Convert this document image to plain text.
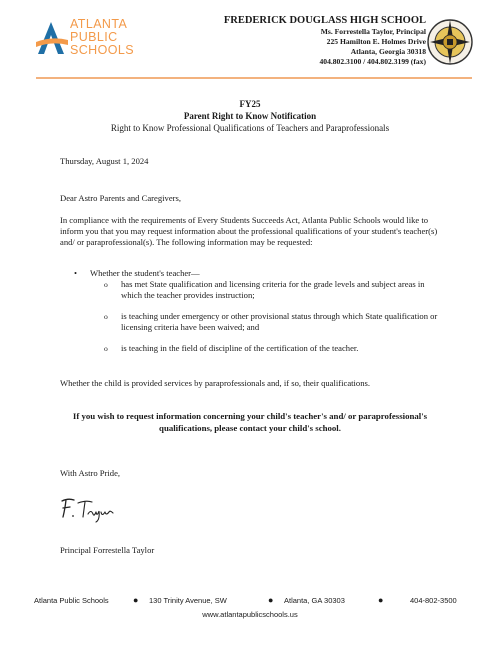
ATLANTA
PUBLIC
SCHOOLS
FREDERICK DOUGLASS HIGH SCHOOL
Ms. Forrestella Taylor, Principal
225 Hamilton E. Holmes Drive
Atlanta, Georgia 30318
404.802.3100 / 404.802.3199 (fax)
FY25
Parent Right to Know Notification
Right to Know Professional Qualifications of Teachers and Paraprofessionals
Thursday, August 1, 2024
Dear Astro Parents and Caregivers,
In compliance with the requirements of Every Students Succeeds Act, Atlanta Public Schools would like to inform you that you may request information about the professional qualifications of your student's teacher(s) and/ or paraprofessional(s). The following information may be requested:
• Whether the student's teacher—
o has met State qualification and licensing criteria for the grade levels and subject areas in which the teacher provides instruction;
o is teaching under emergency or other provisional status through which State qualification or licensing criteria have been waived; and
o is teaching in the field of discipline of the certification of the teacher.
Whether the child is provided services by paraprofessionals and, if so, their qualifications.
If you wish to request information concerning your child's teacher's and/ or paraprofessional's qualifications, please contact your child's school.
With Astro Pride,
Principal Forrestella Taylor
Atlanta Public Schools	● 130 Trinity Avenue, SW	● Atlanta, GA 30303	●	404-802-3500
www.atlantapublicschools.us
